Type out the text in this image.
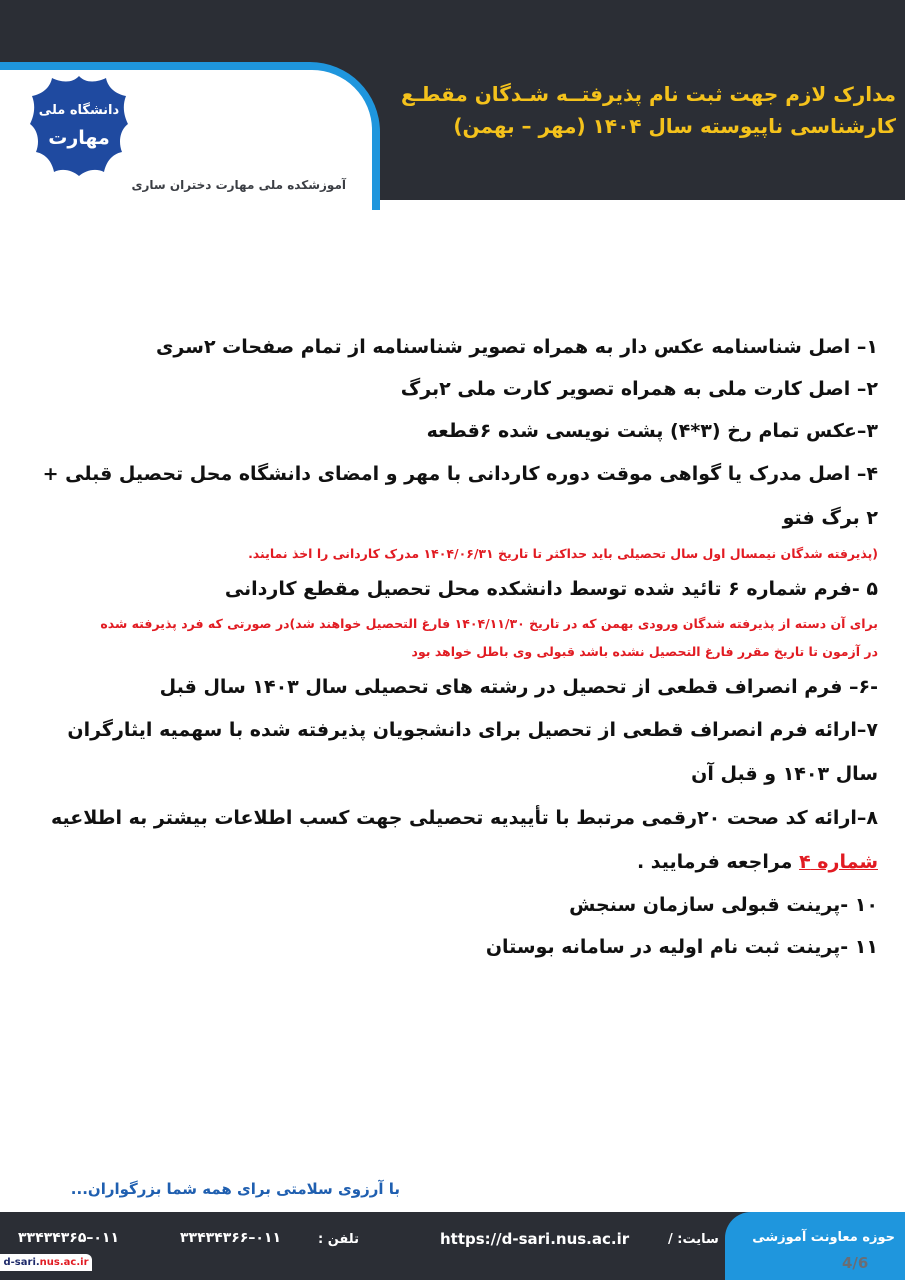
دانشگاه ملی
مهارت
آموزشکده ملی مهارت دختران ساری
مدارک لازم جهت ثبت نام پذیرفتــه شـدگان مقطـع
کارشناسی ناپیوسته سال ۱۴۰۴ (مهر – بهمن)

۱– اصل شناسنامه عکس دار به همراه تصویر شناسنامه از تمام صفحات ۲سری

۲– اصل کارت ملی به همراه تصویر کارت ملی ۲برگ

۳–عکس تمام رخ (۳*۴) پشت نویسی شده ۶قطعه

۴– اصل مدرک یا گواهی موقت دوره کاردانی با مهر و امضای دانشگاه محل تحصیل قبلی + ۲ برگ فتو

(پذیرفته شدگان نیمسال اول سال تحصیلی باید حداکثر تا تاریخ ۱۴۰۴/۰۶/۳۱ مدرک کاردانی را اخذ نمایند.

۵ -فرم شماره ۶ تائید شده توسط دانشکده محل تحصیل مقطع کاردانی

برای آن دسته از پذیرفته شدگان ورودی بهمن که در تاریخ ۱۴۰۴/۱۱/۳۰ فارغ التحصیل خواهند شد)در صورتی که فرد پذیرفته شده

در آزمون تا تاریخ مقرر فارغ التحصیل نشده باشد قبولی وی باطل خواهد بود

-۶– فرم انصراف قطعی از تحصیل در رشته های تحصیلی سال ۱۴۰۳ سال قبل

۷–ارائه فرم انصراف قطعی از تحصیل برای دانشجویان پذیرفته شده با سهمیه ایثارگران سال ۱۴۰۳ و قبل آن

۸–ارائه کد صحت ۲۰رقمی مرتبط با تأییدیه تحصیلی جهت کسب اطلاعات بیشتر به اطلاعیه شماره ۴ مراجعه فرمایید .

۱۰ -پرینت قبولی سازمان سنجش

۱۱ -پرینت ثبت نام اولیه در سامانه بوستان

با آرزوی سلامتی برای همه شما بزرگواران...
حوزه معاونت آموزشی
سایت: /
https://d-sari.nus.ac.ir
تلفن :
۰۱۱–۳۳۴۳۴۳۶۶
۰۱۱–۳۳۴۳۴۳۶۵
4/6
d-sari.nus.ac.ir
